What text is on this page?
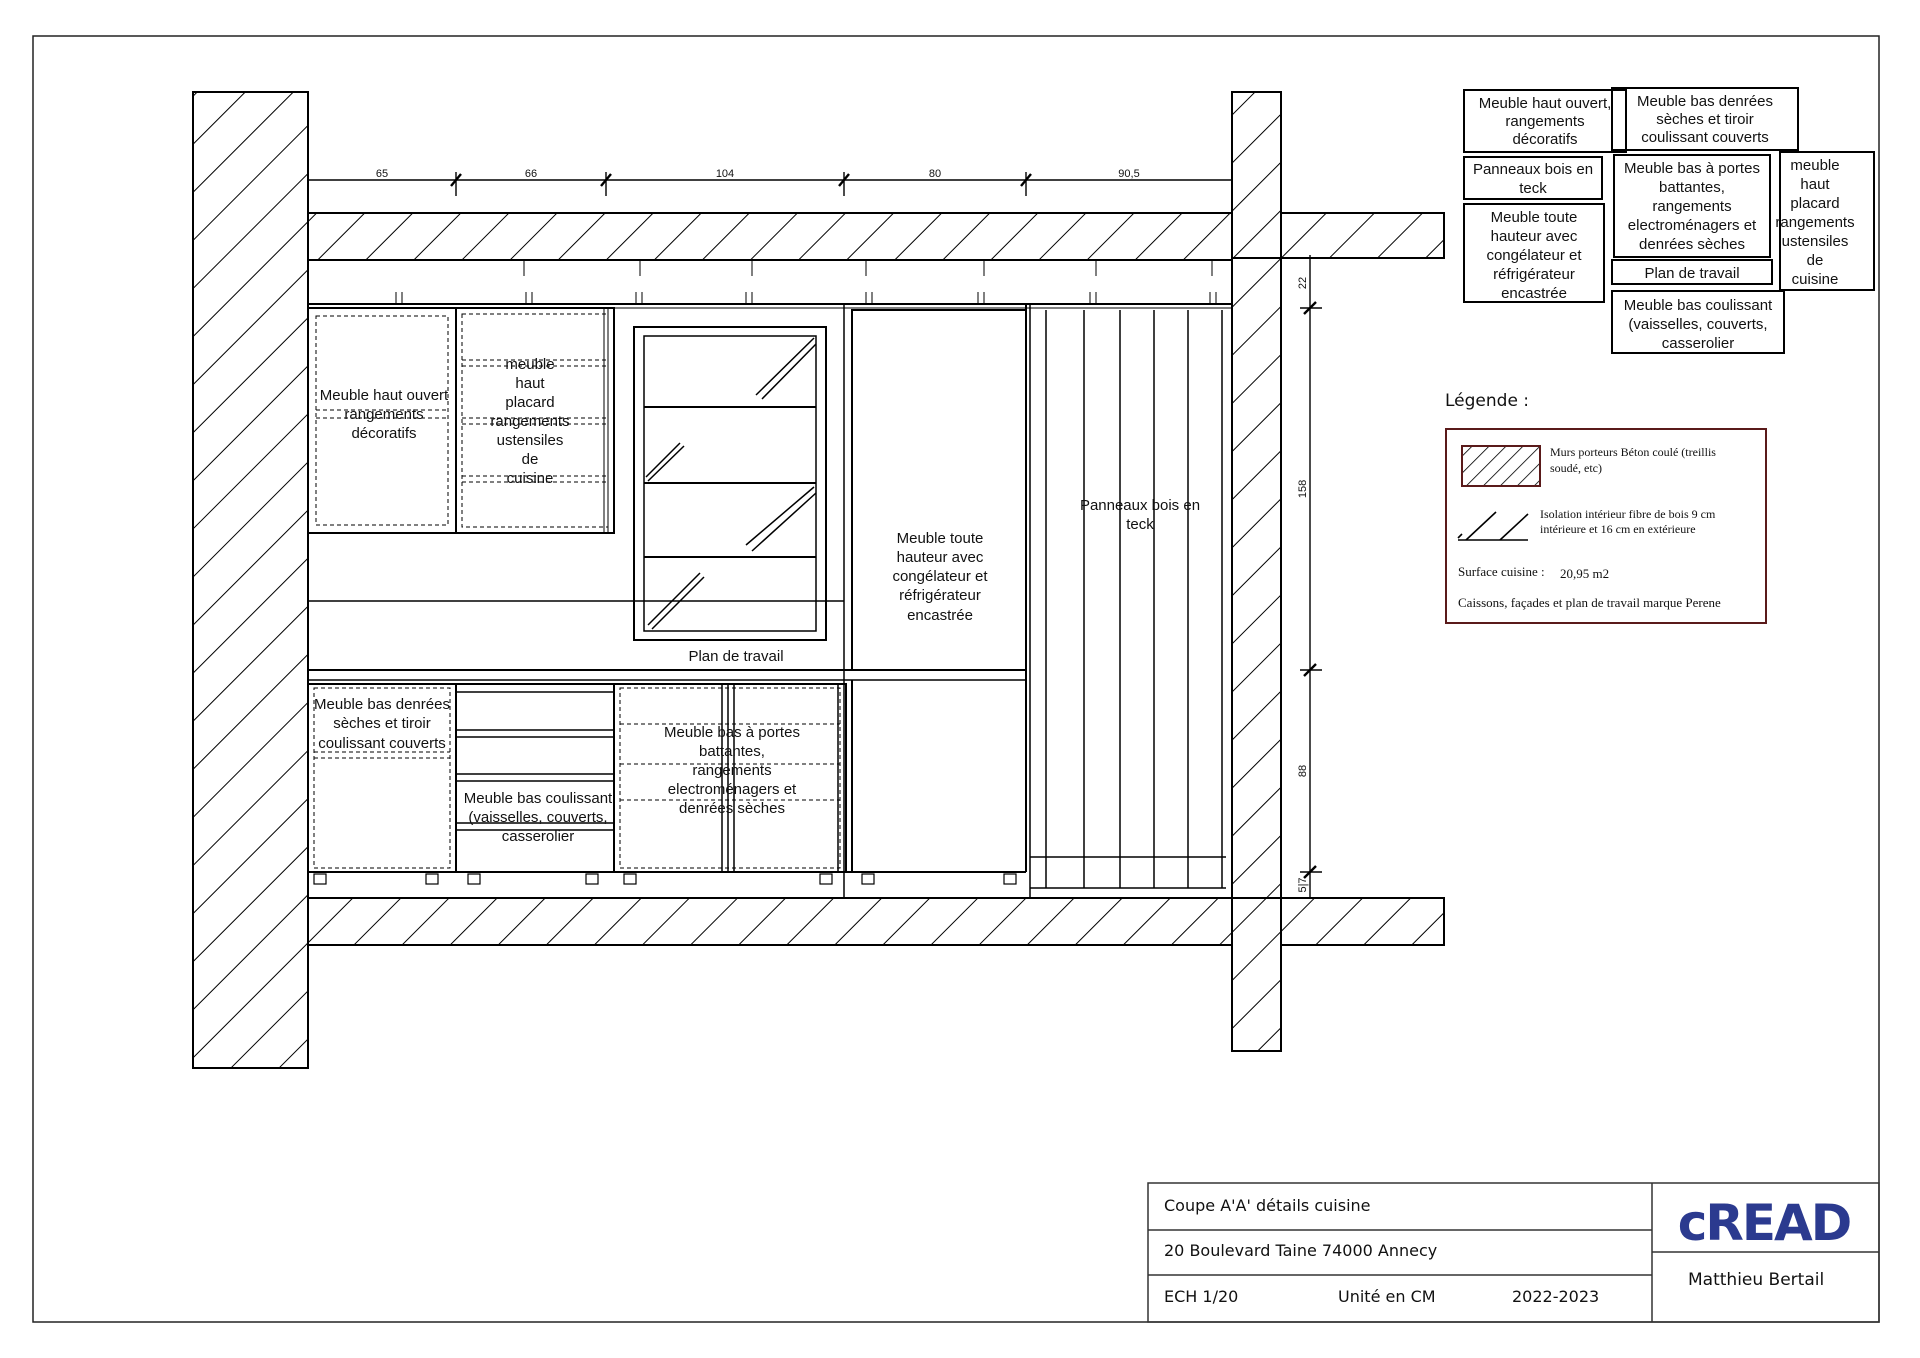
65	66	104	80	90,5
22
158
88
5|7
Meuble haut ouvert
rangements
décoratifs
meuble
haut
placard
rangements
ustensiles
de
cuisine
Meuble toute
hauteur avec
congélateur et
réfrigérateur
encastrée
Panneaux bois en
teck
Plan de travail
Meuble bas denrées
sèches et tiroir
coulissant couverts
Meuble bas coulissant
(vaisselles, couverts,
casserolier
Meuble bas à portes
battantes,
rangements
electroménagers et
denrées sèches
Meuble haut ouvert,
rangements
décoratifs
Meuble bas denrées
sèches et tiroir
coulissant couverts
Panneaux bois en
teck
Meuble bas à portes
battantes,
rangements
electroménagers et
denrées sèches
meuble
haut
placard
rangements
ustensiles
de
cuisine
Meuble toute
hauteur avec
congélateur et
réfrigérateur
encastrée
Plan de travail
Meuble bas coulissant
(vaisselles, couverts,
casserolier
Légende :
Murs porteurs Béton coulé (treillis
soudé, etc)
Isolation intérieur fibre de bois 9 cm
intérieure et 16 cm en extérieure
Surface cuisine : 20,95 m2
Caissons, façades et plan de travail marque Perene
Coupe A'A' détails cuisine
20 Boulevard Taine 74000 Annecy
ECH 1/20	Unité en CM	2022-2023
cREAD
Matthieu Bertail
